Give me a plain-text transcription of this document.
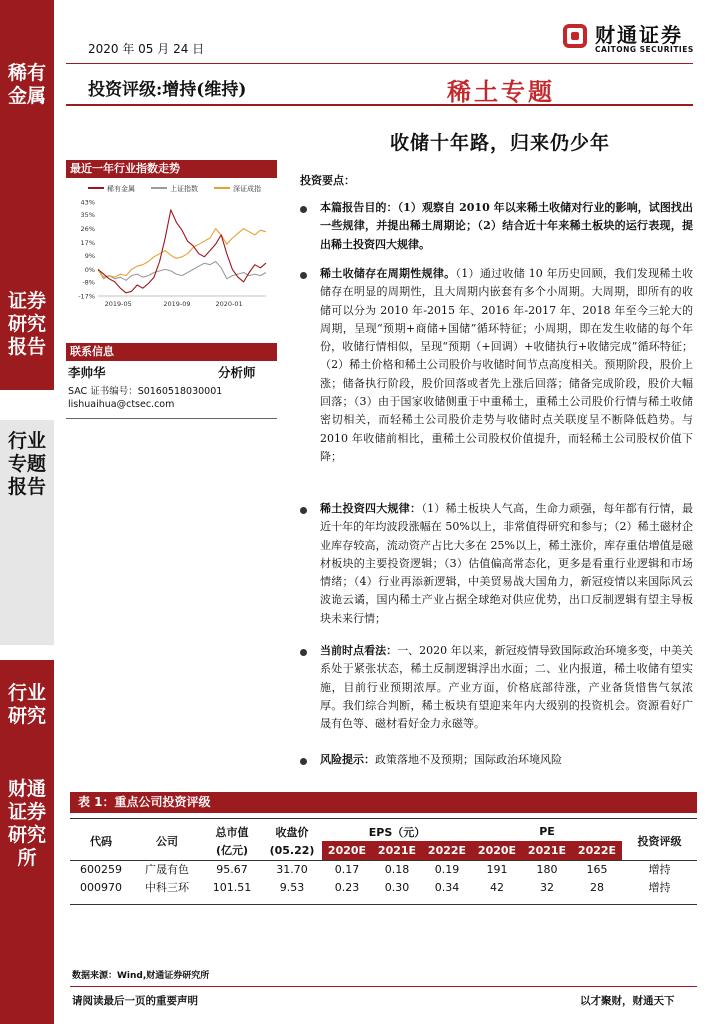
稀有金属
证券研究报告
行业专题报告
行业研究
财通证券研究所
2020 年 05 月 24 日
财通证券
CAITONG SECURITIES
投资评级:增持(维持)	稀土专题
收储十年路，归来仍少年
最近一年行业指数走势
稀有金属	上证指数	深证成指
43%
35%
26%
17%
9%
0%
-8%
-17%
2019-05	2019-09	2020-01
联系信息
李帅华	分析师
SAC 证书编号：S0160518030001
lishuaihua@ctsec.com
投资要点：
本篇报告目的：（1）观察自 2010 年以来稀土收储对行业的影响，试图找出一些规律，并提出稀土周期论；（2）结合近十年来稀土板块的运行表现，提出稀土投资四大规律。
稀土收储存在周期性规律。（1）通过收储 10 年历史回顾，我们发现稀土收储存在明显的周期性，且大周期内嵌套有多个小周期。大周期，即所有的收储可以分为 2010 年-2015 年、2016 年-2017 年、2018 年至今三轮大的周期，呈现“预期+商储+国储”循环特征；小周期，即在发生收储的每个年份，收储行情相似，呈现“预期（+回调）+收储执行+收储完成”循环特征；（2）稀土价格和稀土公司股价与收储时间节点高度相关。预期阶段，股价上涨；储备执行阶段，股价回落或者先上涨后回落；储备完成阶段，股价大幅回落；（3）由于国家收储侧重于中重稀土，重稀土公司股价行情与稀土收储密切相关，而轻稀土公司股价走势与收储时点关联度呈不断降低趋势。与 2010 年收储前相比，重稀土公司股权价值提升，而轻稀土公司股权价值下降；
稀土投资四大规律：（1）稀土板块人气高，生命力顽强，每年都有行情，最近十年的年均波段涨幅在 50%以上，非常值得研究和参与；（2）稀土磁材企业库存较高，流动资产占比大多在 25%以上，稀土涨价，库存重估增值是磁材板块的主要投资逻辑；（3）估值偏高常态化，更多是看重行业逻辑和市场情绪；（4）行业再添新逻辑，中美贸易战大国角力，新冠疫情以来国际风云波诡云谲，国内稀土产业占据全球绝对供应优势，出口反制逻辑有望主导板块未来行情；
当前时点看法：一、2020 年以来，新冠疫情导致国际政治环境多变，中美关系处于紧张状态，稀土反制逻辑浮出水面；二、业内报道，稀土收储有望实施，目前行业预期浓厚。产业方面，价格底部待涨，产业备货惜售气氛浓厚。我们综合判断，稀土板块有望迎来年内大级别的投资机会。资源看好广晟有色等、磁材看好金力永磁等。
风险提示：政策落地不及预期；国际政治环境风险
表 1：重点公司投资评级
代码	公司	总市值	收盘价	EPS（元）			PE			投资评级
		(亿元)	(05.22)	2020E	2021E	2022E	2020E	2021E	2022E	
600259	广晟有色	95.67	31.70	0.17	0.18	0.19	191	180	165	增持
000970	中科三环	101.51	9.53	0.23	0.30	0.34	42	32	28	增持
数据来源：Wind,财通证券研究所
请阅读最后一页的重要声明	以才聚财，财通天下
